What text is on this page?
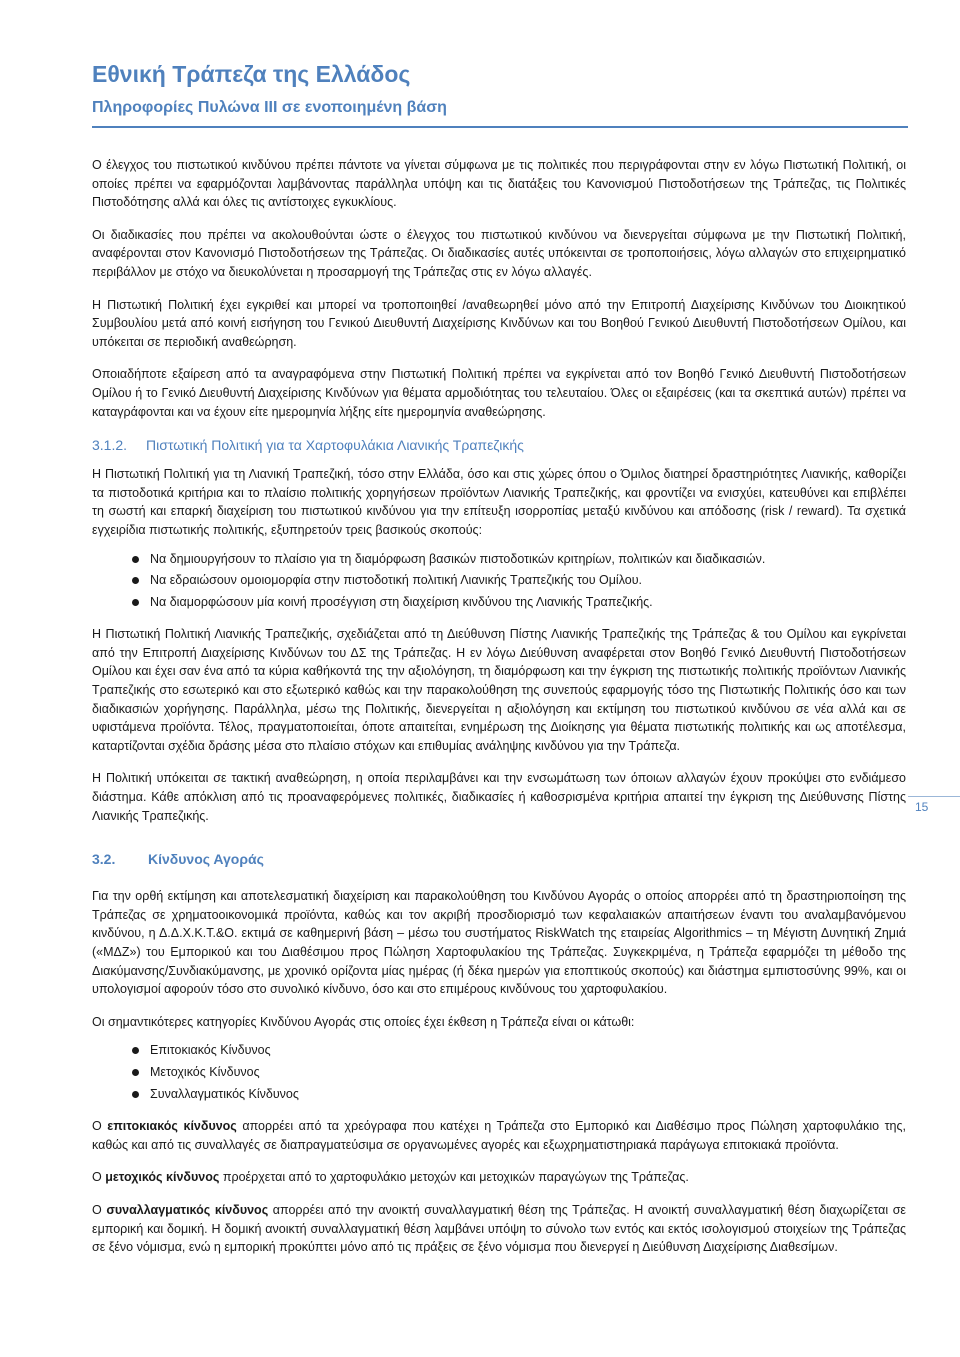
Εθνική Τράπεζα της Ελλάδος
Πληροφορίες Πυλώνα ΙΙΙ σε ενοποιημένη βάση

Ο έλεγχος του πιστωτικού κινδύνου πρέπει πάντοτε να γίνεται σύμφωνα με τις πολιτικές που περιγράφονται στην εν λόγω Πιστωτική Πολιτική, οι οποίες πρέπει να εφαρμόζονται λαμβάνοντας παράλληλα υπόψη και τις διατάξεις του Κανονισμού Πιστοδοτήσεων της Τράπεζας, τις Πολιτικές Πιστοδότησης αλλά και όλες τις αντίστοιχες εγκυκλίους.

Οι διαδικασίες που πρέπει να ακολουθούνται ώστε ο έλεγχος του πιστωτικού κινδύνου να διενεργείται σύμφωνα με την Πιστωτική Πολιτική, αναφέρονται στον Κανονισμό Πιστοδοτήσεων της Τράπεζας. Οι διαδικασίες αυτές υπόκεινται σε τροποποιήσεις, λόγω αλλαγών στο επιχειρηματικό περιβάλλον με στόχο να διευκολύνεται η προσαρμογή της Τράπεζας στις εν λόγω αλλαγές.

Η Πιστωτική Πολιτική έχει εγκριθεί και μπορεί να τροποποιηθεί /αναθεωρηθεί μόνο από την Επιτροπή Διαχείρισης Κινδύνων του Διοικητικού Συμβουλίου μετά από κοινή εισήγηση του Γενικού Διευθυντή Διαχείρισης Κινδύνων και του Βοηθού Γενικού Διευθυντή Πιστοδοτήσεων Ομίλου, και υπόκειται σε περιοδική αναθεώρηση.

Οποιαδήποτε εξαίρεση από τα αναγραφόμενα στην Πιστωτική Πολιτική πρέπει να εγκρίνεται από τον Βοηθό Γενικό Διευθυντή Πιστοδοτήσεων Ομίλου ή το Γενικό Διευθυντή Διαχείρισης Κινδύνων για θέματα αρμοδιότητας του τελευταίου. Όλες οι εξαιρέσεις (και τα σκεπτικά αυτών) πρέπει να καταγράφονται και να έχουν είτε ημερομηνία λήξης είτε ημερομηνία αναθεώρησης.

3.1.2. Πιστωτική Πολιτική για τα Χαρτοφυλάκια Λιανικής Τραπεζικής

Η Πιστωτική Πολιτική για τη Λιανική Τραπεζική, τόσο στην Ελλάδα, όσο και στις χώρες όπου ο Όμιλος διατηρεί δραστηριότητες Λιανικής, καθορίζει τα πιστοδοτικά κριτήρια και το πλαίσιο πολιτικής χορηγήσεων προϊόντων Λιανικής Τραπεζικής, και φροντίζει να ενισχύει, κατευθύνει και επιβλέπει τη σωστή και επαρκή διαχείριση του πιστωτικού κινδύνου για την επίτευξη ισορροπίας μεταξύ κινδύνου και απόδοσης (risk / reward). Τα σχετικά εγχειρίδια πιστωτικής πολιτικής, εξυπηρετούν τρεις βασικούς σκοπούς:

Να δημιουργήσουν το πλαίσιο για τη διαμόρφωση βασικών πιστοδοτικών κριτηρίων, πολιτικών και διαδικασιών.
Να εδραιώσουν ομοιομορφία στην πιστοδοτική πολιτική Λιανικής Τραπεζικής του Ομίλου.
Να διαμορφώσουν μία κοινή προσέγγιση στη διαχείριση κινδύνου της Λιανικής Τραπεζικής.

Η Πιστωτική Πολιτική Λιανικής Τραπεζικής, σχεδιάζεται από τη Διεύθυνση Πίστης Λιανικής Τραπεζικής της Τράπεζας & του Ομίλου και εγκρίνεται από την Επιτροπή Διαχείρισης Κινδύνων του ΔΣ της Τράπεζας. Η εν λόγω Διεύθυνση αναφέρεται στον Βοηθό Γενικό Διευθυντή Πιστοδοτήσεων Ομίλου και έχει σαν ένα από τα κύρια καθήκοντά της την αξιολόγηση, τη διαμόρφωση και την έγκριση της πιστωτικής πολιτικής προϊόντων Λιανικής Τραπεζικής στο εσωτερικό και στο εξωτερικό καθώς και την παρακολούθηση της συνεπούς εφαρμογής τόσο της Πιστωτικής Πολιτικής όσο και των διαδικασιών χορήγησης. Παράλληλα, μέσω της Πολιτικής, διενεργείται η αξιολόγηση και εκτίμηση του πιστωτικού κινδύνου σε νέα αλλά και σε υφιστάμενα προϊόντα. Τέλος, πραγματοποιείται, όποτε απαιτείται, ενημέρωση της Διοίκησης για θέματα πιστωτικής πολιτικής και ως αποτέλεσμα, καταρτίζονται σχέδια δράσης μέσα στο πλαίσιο στόχων και επιθυμίας ανάληψης κινδύνου για την Τράπεζα.

Η Πολιτική υπόκειται σε τακτική αναθεώρηση, η οποία περιλαμβάνει και την ενσωμάτωση των όποιων αλλαγών έχουν προκύψει στο ενδιάμεσο διάστημα. Κάθε απόκλιση από τις προαναφερόμενες πολιτικές, διαδικασίες ή καθοσρισμένα κριτήρια απαιτεί την έγκριση της Διεύθυνσης Πίστης Λιανικής Τραπεζικής.

3.2. Κίνδυνος Αγοράς

Για την ορθή εκτίμηση και αποτελεσματική διαχείριση και παρακολούθηση του Κινδύνου Αγοράς ο οποίος απορρέει από τη δραστηριοποίηση της Τράπεζας σε χρηματοοικονομικά προϊόντα, καθώς και τον ακριβή προσδιορισμό των κεφαλαιακών απαιτήσεων έναντι του αναλαμβανόμενου κινδύνου, η Δ.Δ.Χ.Κ.Τ.&Ο. εκτιμά σε καθημερινή βάση – μέσω του συστήματος RiskWatch της εταιρείας Algorithmics – τη Μέγιστη Δυνητική Ζημιά («ΜΔΖ») του Εμπορικού και του Διαθέσιμου προς Πώληση Χαρτοφυλακίου της Τράπεζας. Συγκεκριμένα, η Τράπεζα εφαρμόζει τη μέθοδο της Διακύμανσης/Συνδιακύμανσης, με χρονικό ορίζοντα μίας ημέρας (ή δέκα ημερών για εποπτικούς σκοπούς) και διάστημα εμπιστοσύνης 99%, και οι υπολογισμοί αφορούν τόσο στο συνολικό κίνδυνο, όσο και στο επιμέρους κινδύνους του χαρτοφυλακίου.

Οι σημαντικότερες κατηγορίες Κινδύνου Αγοράς στις οποίες έχει έκθεση η Τράπεζα είναι οι κάτωθι:

Επιτοκιακός Κίνδυνος
Μετοχικός Κίνδυνος
Συναλλαγματικός Κίνδυνος

Ο επιτοκιακός κίνδυνος απορρέει από τα χρεόγραφα που κατέχει η Τράπεζα στο Εμπορικό και Διαθέσιμο προς Πώληση χαρτοφυλάκιο της, καθώς και από τις συναλλαγές σε διαπραγματεύσιμα σε οργανωμένες αγορές και εξωχρηματιστηριακά παράγωγα επιτοκιακά προϊόντα.

Ο μετοχικός κίνδυνος προέρχεται από το χαρτοφυλάκιο μετοχών και μετοχικών παραγώγων της Τράπεζας.

Ο συναλλαγματικός κίνδυνος απορρέει από την ανοικτή συναλλαγματική θέση της Τράπεζας. Η ανοικτή συναλλαγματική θέση διαχωρίζεται σε εμπορική και δομική. Η δομική ανοικτή συναλλαγματική θέση λαμβάνει υπόψη το σύνολο των εντός και εκτός ισολογισμού στοιχείων της Τράπεζας σε ξένο νόμισμα, ενώ η εμπορική προκύπτει μόνο από τις πράξεις σε ξένο νόμισμα που διενεργεί η Διεύθυνση Διαχείρισης Διαθεσίμων.

15
